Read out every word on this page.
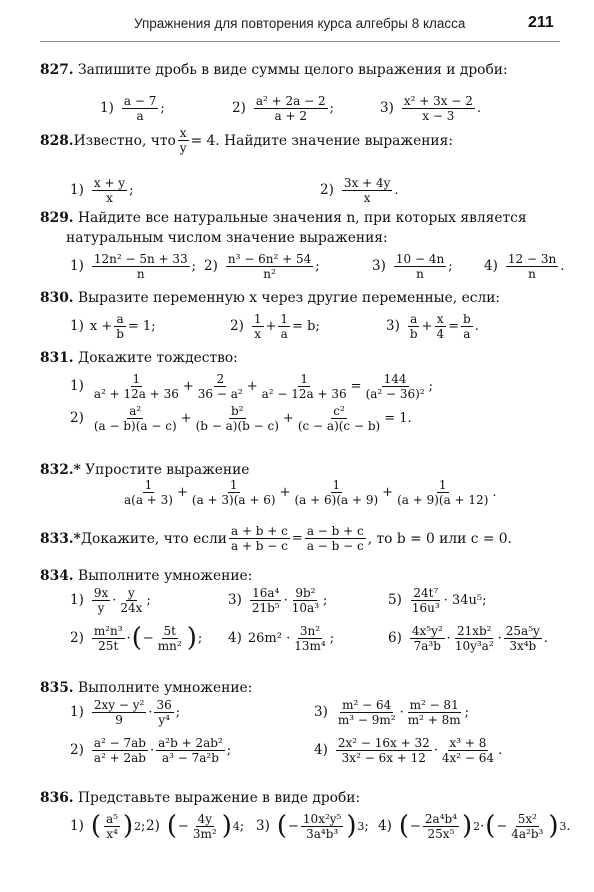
Упражнения для повторения курса алгебры 8 класса	211
827. Запишите дробь в виде суммы целого выражения и дроби:
$1) \frac{a - 7}{a}$ ;	$2) \frac{\text{a² + 2a − 2}}{a + 2}$ ;	$3) \frac{\text{x² + 3x − 2}}{x - 3}$ .
828. Известно, что $\frac{x}{y} = 4$. Найдите значение выражения:
$1) \frac{x + y}{x}$ ;	$2) \frac{3x + 4y}{x}$ .
829. Найдите все натуральные значения n, при которых является
натуральным числом значение выражения:
$1) \frac{\text{12n² − 5n + 33}}{n}$ ; $2) \frac{\text{n³ − 6n² + 54}}{\text{n²}}$ ;	$3) \frac{10 - 4n}{n}$ ; $4) \frac{12 - 3n}{n}$ .
830. Выразите переменную x через другие переменные, если:
1) $x + \frac{a}{b} = 1$;	$2) \frac{1}{x} + \frac{1}{a} = b$;	$3) \frac{a}{b} + \frac{x}{4} = \frac{b}{a}$ .
831. Докажите тождество:
$1) \frac{1}{\text{a² + 12a + 36}} + \frac{2}{\text{36 − a²}} + \frac{1}{\text{a² − 12a + 36}} = \frac{144}{\text{(a² − 36)²}}$ ;
$2) \frac{\text{a²}}{(a - b)(a - c)} + \frac{\text{b²}}{(b - a)(b - c)} + \frac{\text{c²}}{(c - a)(c - b)} = 1$.
832.* Упростите выражение
$\frac{1}{a(a + 3)} + \frac{1}{(a + 3)(a + 6)} + \frac{1}{(a + 6)(a + 9)} + \frac{1}{(a + 9)(a + 12)}$ .
833.* Докажите, что если $\frac{a + b + c}{a + b - c} = \frac{a - b + c}{a - b - c}$ , то b = 0 или c = 0.
834. Выполните умножение:
$1) \frac{9x}{y} \cdot \frac{y}{24x}$ ;	$3) \frac{\text{16a⁴}}{\text{21b⁵}} \cdot \frac{\text{9b²}}{\text{10a³}}$ ;	$5) \frac{\text{24t⁷}}{\text{16u³}} \cdot 34u^5$;
$2) \frac{\text{m²n³}}{25t}$ · ( − $\frac{5t}{\text{mn²}}$ ) ; 4) $26m^2 \cdot \frac{\text{3n²}}{\text{13m⁴}}$ ;	$6) \frac{\text{4x⁵y²}}{\text{7a³b}} \cdot \frac{\text{21xb²}}{\text{10y³a²}} \cdot \frac{\text{25a⁵y}}{\text{3x⁴b}}$ .
835. Выполните умножение:
$1) \frac{\text{2xy − y²}}{9} \cdot \frac{36}{\text{y⁴}}$ ;	$3) \frac{\text{m² − 64}}{\text{m³ − 9m²}} \cdot \frac{\text{m² − 81}}{\text{m² + 8m}}$ ;
$2) \frac{\text{a² − 7ab}}{\text{a² + 2ab}} \cdot \frac{\text{a²b + 2ab²}}{\text{a³ − 7a²b}}$ ;	$4) \frac{\text{2x² − 16x + 32}}{\text{3x² − 6x + 12}} \cdot \frac{\text{x³ + 8}}{\text{4x² − 64}}$ .
836. Представьте выражение в виде дроби:
1) ( $\frac{\text{a⁵}}{\text{x⁴}}$ ) 2 ; 2) ( − $\frac{4y}{\text{3m²}}$ ) 4 ; 3) ( − $\frac{\text{10x²y⁵}}{\text{3a⁴b³}}$ ) 3 ; 4) ( − $\frac{\text{2a⁴b⁴}}{\text{25x⁵}}$ ) 2 · ( − $\frac{\text{5x²}}{\text{4a²b³}}$ ) 3 .
